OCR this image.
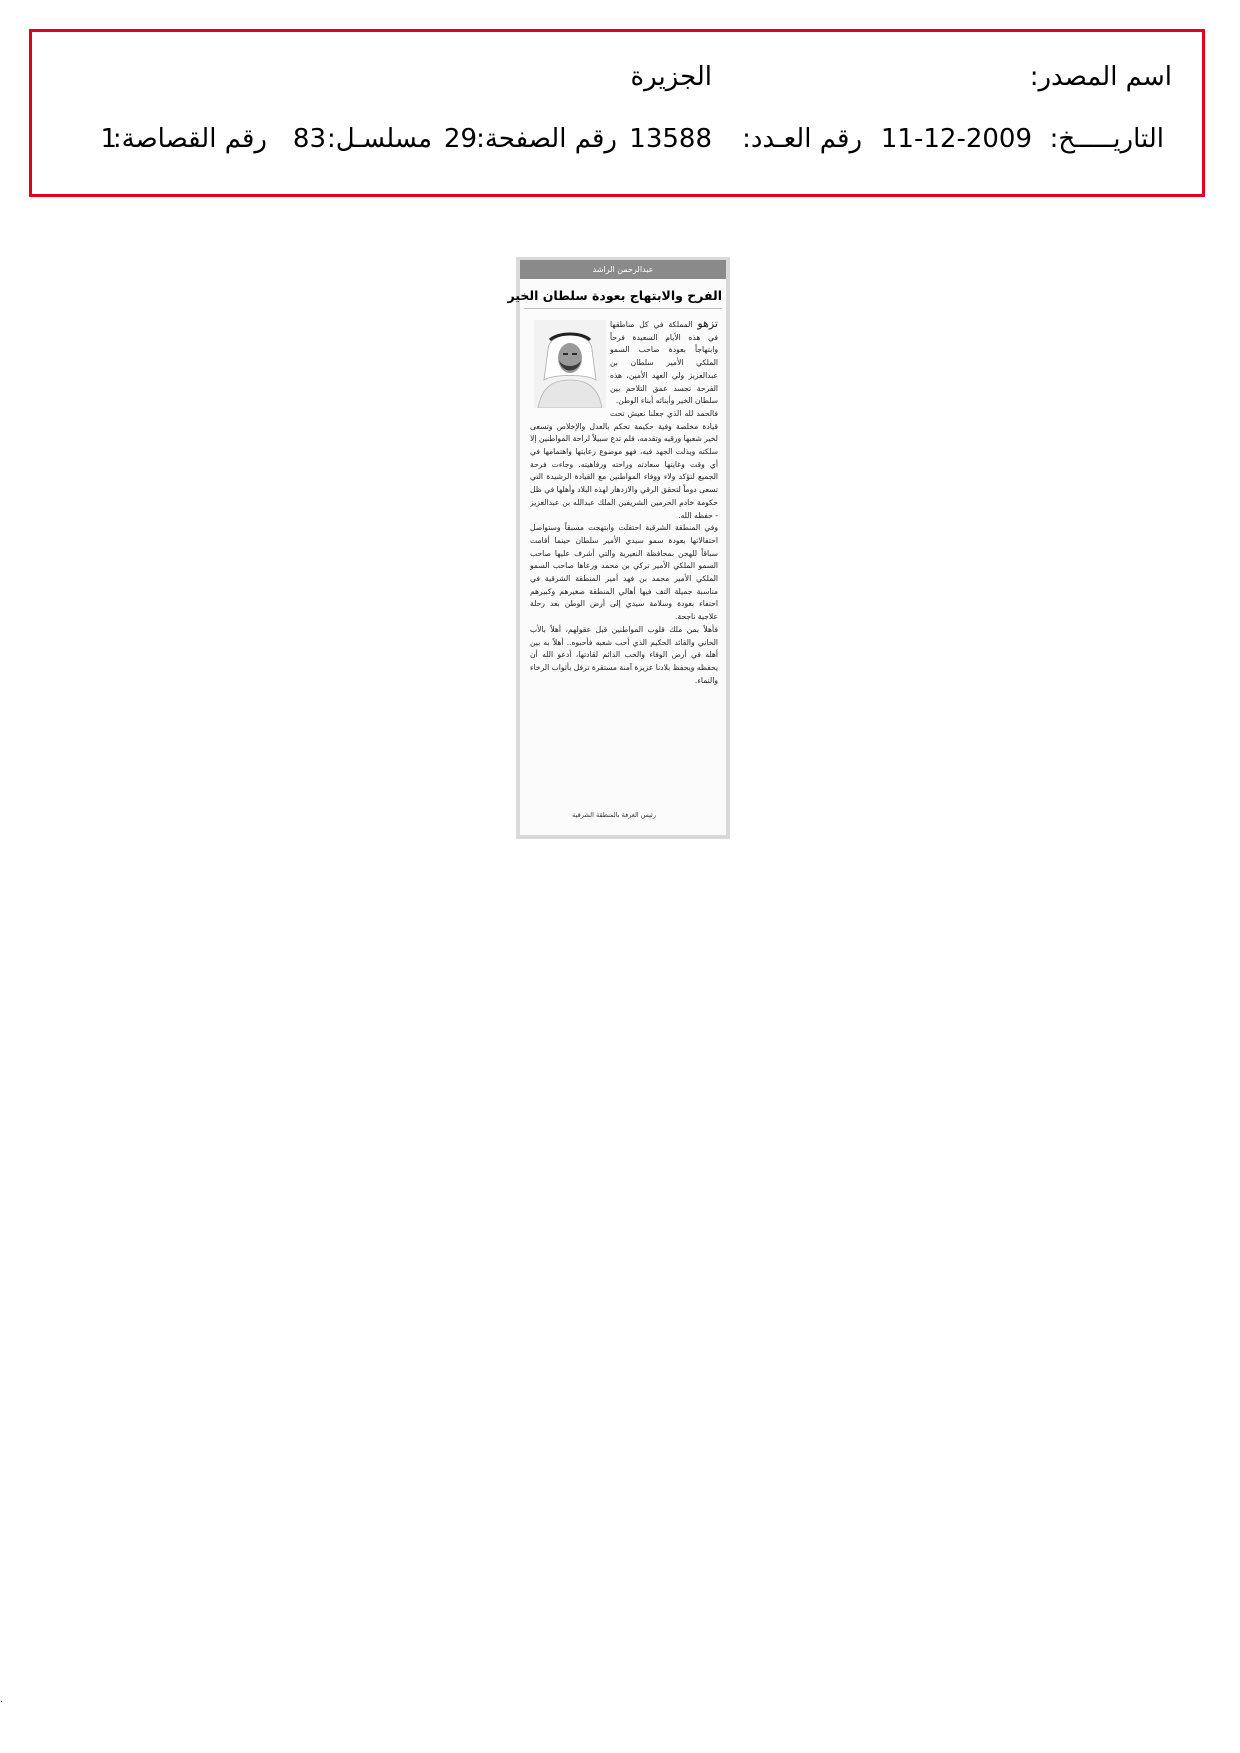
اسم المصدر:
الجزيرة
التاريـــــخ:
11-12-2009
رقم العـدد:
13588
رقم الصفحة:
29
مسلسـل:
83
رقم القصاصة:
1
عبدالرحمن الراشد
الفرح والابتهاج بعودة سلطان الخير

تزهو المملكة في كل مناطقها في هذه الأيام السعيدة فرحاً وابتهاجاً بعودة صاحب السمو الملكي الأمير سلطان بن عبدالعزيز ولي العهد الأمين، هذه الفرحة تجسد عمق التلاحم بين سلطان الخير وأبنائه أبناء الوطن.

فالحمد لله الذي جعلنا نعيش تحت قيادة مخلصة وفية حكيمة تحكم بالعدل والإخلاص وتسعى لخير شعبها ورقيه وتقدمه، فلم تدع سبيلاً لراحة المواطنين إلا سلكته وبذلت الجهد فيه، فهو موضوع رعايتها واهتمامها في أي وقت وغايتها سعادته وراحته ورفاهيته. وجاءت فرحة الجميع لتؤكد ولاء ووفاء المواطنين مع القيادة الرشيدة التي تسعى دوماً لتحقق الرقي والازدهار لهذه البلاد وأهلها في ظل حكومة خادم الحرمين الشريفين الملك عبدالله بن عبدالعزيز - حفظه الله.

وفي المنطقة الشرقية احتفلت وابتهجت مسبقاً وستواصل احتفالاتها بعودة سمو سيدي الأمير سلطان حينما أقامت سباقاً للهجن بمحافظة النعيرية والتي أشرف عليها صاحب السمو الملكي الأمير تركي بن محمد ورعاها صاحب السمو الملكي الأمير محمد بن فهد أمير المنطقة الشرقية في مناسبة جميلة التف فيها أهالي المنطقة صغيرهم وكبيرهم احتفاء بعودة وسلامة سيدي إلى أرض الوطن بعد رحلة علاجية ناجحة.

فأهلاً بمن ملك قلوب المواطنين قبل عقولهم، أهلاً بالأب الحاني والقائد الحكيم الذي أحب شعبه فأحبوه.. أهلاً به بين أهله في أرض الوفاء والحب الدائم لقادتها، أدعو الله أن يحفظه ويحفظ بلادنا عزيزة آمنة مستقرة ترفل بأثواب الرخاء والنماء.

رئيس الغرفة بالمنطقة الشرقية
.
